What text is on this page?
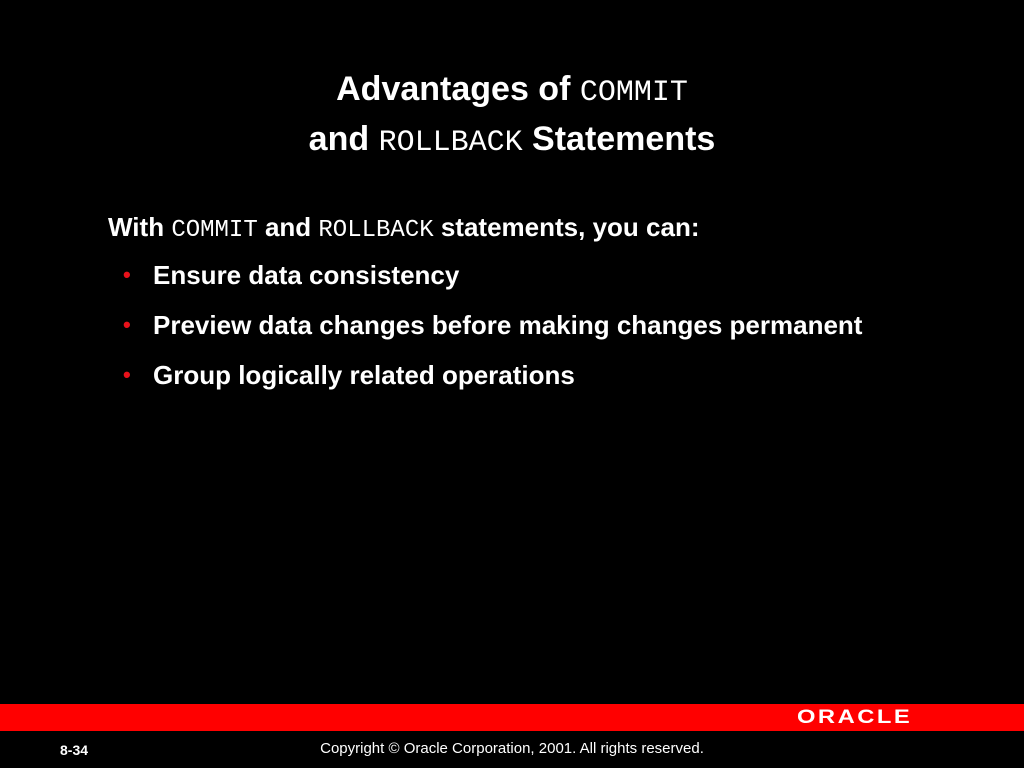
Advantages of COMMIT
and ROLLBACK Statements

With COMMIT and ROLLBACK statements, you can:

• Ensure data consistency
• Preview data changes before making changes permanent
• Group logically related operations
ORACLE
8-34	Copyright © Oracle Corporation, 2001. All rights reserved.
